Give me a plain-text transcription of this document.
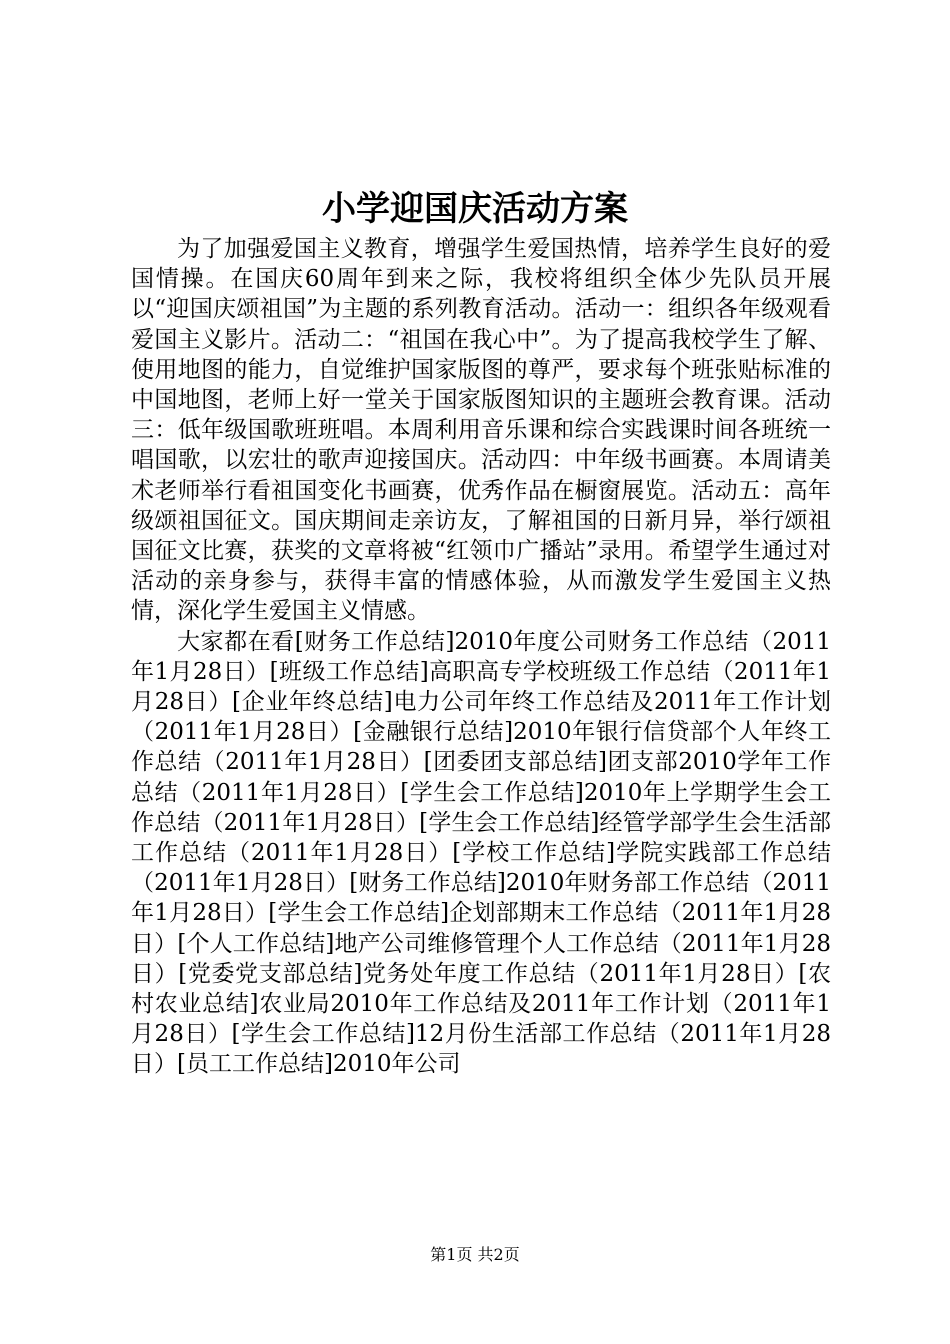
小学迎国庆活动方案

为了加强爱国主义教育，增强学生爱国热情，培养学生良好的爱国情操。在国庆60周年到来之际，我校将组织全体少先队员开展以“迎国庆颂祖国”为主题的系列教育活动。活动一：组织各年级观看爱国主义影片。活动二：“祖国在我心中”。为了提高我校学生了解、使用地图的能力，自觉维护国家版图的尊严，要求每个班张贴标准的中国地图，老师上好一堂关于国家版图知识的主题班会教育课。活动三：低年级国歌班班唱。本周利用音乐课和综合实践课时间各班统一唱国歌，以宏壮的歌声迎接国庆。活动四：中年级书画赛。本周请美术老师举行看祖国变化书画赛，优秀作品在橱窗展览。活动五：高年级颂祖国征文。国庆期间走亲访友，了解祖国的日新月异，举行颂祖国征文比赛，获奖的文章将被“红领巾广播站”录用。希望学生通过对活动的亲身参与，获得丰富的情感体验，从而激发学生爱国主义热情，深化学生爱国主义情感。

大家都在看[财务工作总结]2010年度公司财务工作总结（2011年1月28日）[班级工作总结]高职高专学校班级工作总结（2011年1月28日）[企业年终总结]电力公司年终工作总结及2011年工作计划（2011年1月28日）[金融银行总结]2010年银行信贷部个人年终工作总结（2011年1月28日）[团委团支部总结]团支部2010学年工作总结（2011年1月28日）[学生会工作总结]2010年上学期学生会工作总结（2011年1月28日）[学生会工作总结]经管学部学生会生活部工作总结（2011年1月28日）[学校工作总结]学院实践部工作总结（2011年1月28日）[财务工作总结]2010年财务部工作总结（2011年1月28日）[学生会工作总结]企划部期末工作总结（2011年1月28日）[个人工作总结]地产公司维修管理个人工作总结（2011年1月28日）[党委党支部总结]党务处年度工作总结（2011年1月28日）[农村农业总结]农业局2010年工作总结及2011年工作计划（2011年1月28日）[学生会工作总结]12月份生活部工作总结（2011年1月28日）[员工工作总结]2010年公司

第1页 共2页
